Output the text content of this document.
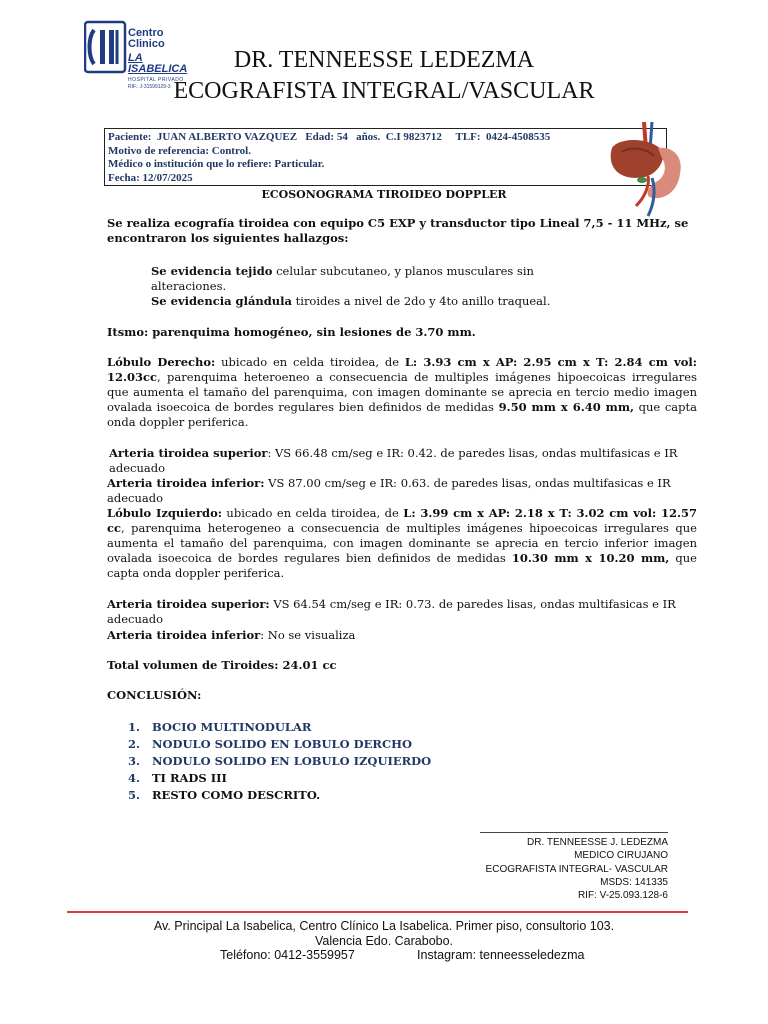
Centro Clinico
LA ISABELICA
HOSPITAL PRIVADO
RIF.: J-31599129-3
DR. TENNEESSE LEDEZMA
ECOGRAFISTA INTEGRAL/VASCULAR
Paciente:  JUAN ALBERTO VAZQUEZ   Edad: 54   años.  C.I 9823712     TLF:  0424-4508535
Motivo de referencia: Control.
Médico o institución que lo refiere: Particular.
Fecha: 12/07/2025
ECOSONOGRAMA TIROIDEO DOPPLER
Se realiza ecografía tiroidea con equipo C5 EXP y transductor tipo Lineal 7,5 - 11 MHz, se encontraron los siguientes hallazgos:
Se evidencia tejido celular subcutaneo, y planos musculares sin alteraciones.
Se evidencia glándula tiroides a nivel de 2do y 4to anillo traqueal.
Itsmo: parenquima homogéneo, sin lesiones de 3.70 mm.
Lóbulo Derecho: ubicado en celda tiroidea, de L: 3.93 cm x AP: 2.95 cm x T: 2.84 cm vol: 12.03cc, parenquima heteroeneo a consecuencia de multiples imágenes hipoecoicas irregulares que aumenta el tamaño del parenquima, con imagen dominante se aprecia en tercio medio imagen ovalada isoecoica de bordes regulares bien definidos de medidas 9.50 mm x 6.40 mm, que capta onda doppler periferica.
Arteria tiroidea superior: VS 66.48 cm/seg e IR: 0.42. de paredes lisas, ondas multifasicas e IR adecuado
Arteria tiroidea inferior: VS 87.00 cm/seg e IR: 0.63. de paredes lisas, ondas multifasicas e IR adecuado
Lóbulo Izquierdo: ubicado en celda tiroidea, de L: 3.99 cm x AP: 2.18 x T: 3.02 cm vol: 12.57 cc, parenquima heterogeneo a consecuencia de multiples imágenes hipoecoicas irregulares que aumenta el tamaño del parenquima, con imagen dominante se aprecia en tercio inferior imagen ovalada isoecoica de bordes regulares bien definidos de medidas 10.30 mm x 10.20 mm, que capta onda doppler periferica.
Arteria tiroidea superior: VS 64.54 cm/seg e IR: 0.73. de paredes lisas, ondas multifasicas e IR adecuado
Arteria tiroidea inferior: No se visualiza
Total volumen de Tiroides: 24.01 cc
CONCLUSIÓN:
1. BOCIO MULTINODULAR
2. NODULO SOLIDO EN LOBULO DERCHO
3. NODULO SOLIDO EN LOBULO IZQUIERDO
4. TI RADS III
5. RESTO COMO DESCRITO.
DR. TENNEESSE J. LEDEZMA
MEDICO CIRUJANO
ECOGRAFISTA INTEGRAL- VASCULAR
MSDS: 141335
RIF: V-25.093.128-6
Av. Principal La Isabelica, Centro Clínico La Isabelica. Primer piso, consultorio 103.
Valencia Edo. Carabobo.
Teléfono: 0412-3559957	Instagram: tenneesseledezma
